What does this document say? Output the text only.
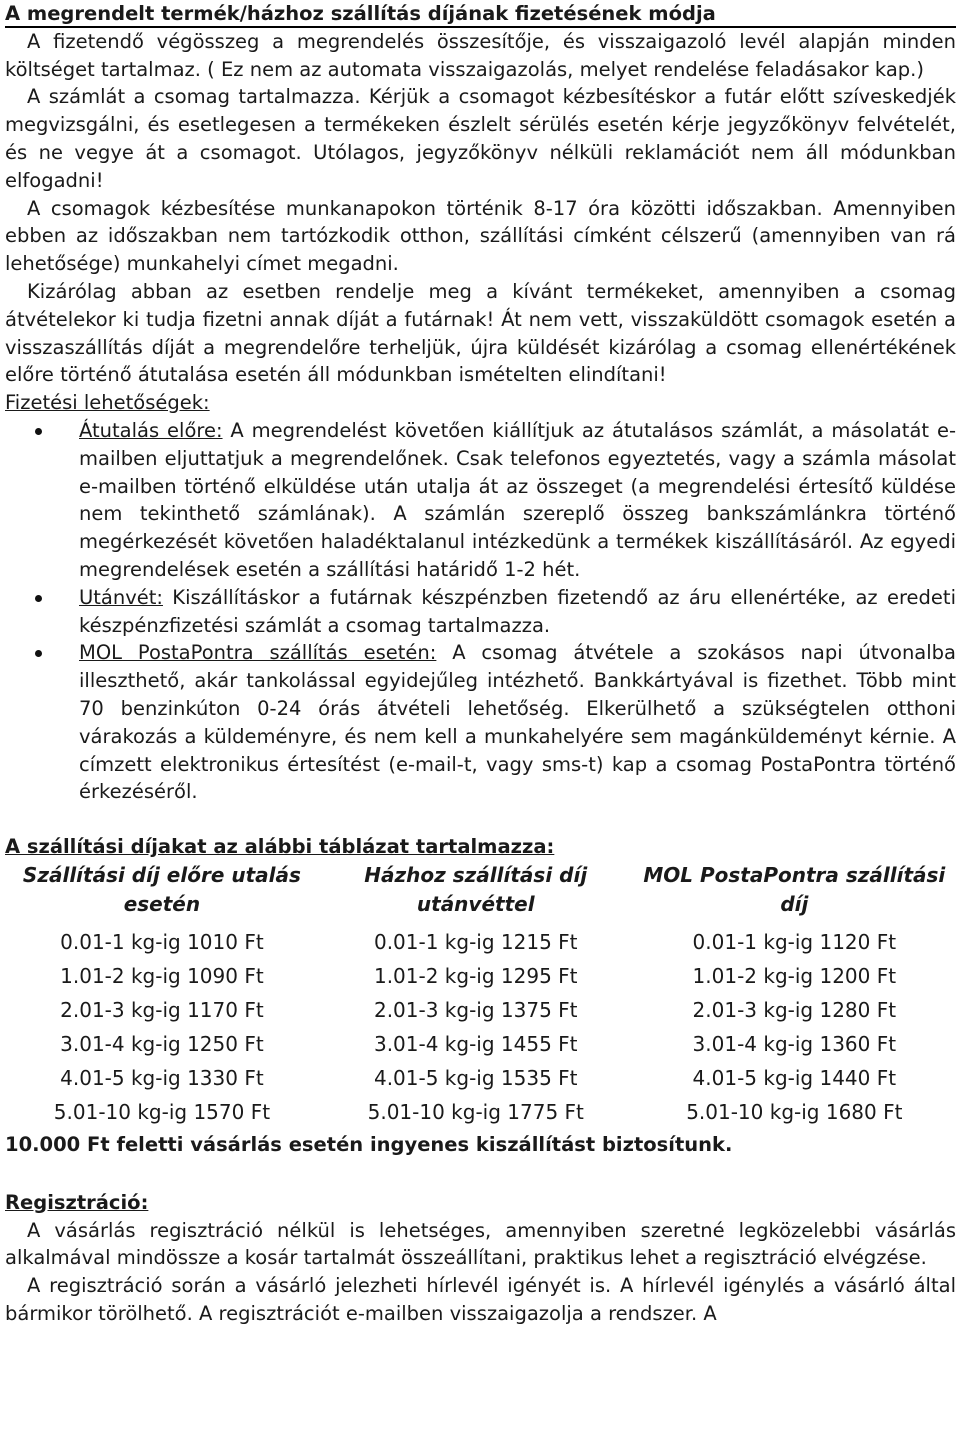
A megrendelt termék/házhoz szállítás díjának fizetésének módja

A fizetendő végösszeg a megrendelés összesítője, és visszaigazoló levél alapján minden költséget tartalmaz. ( Ez nem az automata visszaigazolás, melyet rendelése feladásakor kap.)

A számlát a csomag tartalmazza. Kérjük a csomagot kézbesítéskor a futár előtt szíveskedjék megvizsgálni, és esetlegesen a termékeken észlelt sérülés esetén kérje jegyzőkönyv felvételét, és ne vegye át a csomagot. Utólagos, jegyzőkönyv nélküli reklamációt nem áll módunkban elfogadni!

A csomagok kézbesítése munkanapokon történik 8-17 óra közötti időszakban. Amennyiben ebben az időszakban nem tartózkodik otthon, szállítási címként célszerű (amennyiben van rá lehetősége) munkahelyi címet megadni.

Kizárólag abban az esetben rendelje meg a kívánt termékeket, amennyiben a csomag átvételekor ki tudja fizetni annak díját a futárnak! Át nem vett, visszaküldött csomagok esetén a visszaszállítás díját a megrendelőre terheljük, újra küldését kizárólag a csomag ellenértékének előre történő átutalása esetén áll módunkban ismételten elindítani!

Fizetési lehetőségek:
Átutalás előre: A megrendelést követően kiállítjuk az átutalásos számlát, a másolatát e-mailben eljuttatjuk a megrendelőnek. Csak telefonos egyeztetés, vagy a számla másolat e-mailben történő elküldése után utalja át az összeget (a megrendelési értesítő küldése nem tekinthető számlának). A számlán szereplő összeg bankszámlánkra történő megérkezését követően haladéktalanul intézkedünk a termékek kiszállításáról. Az egyedi megrendelések esetén a szállítási határidő 1-2 hét.
Utánvét: Kiszállításkor a futárnak készpénzben fizetendő az áru ellenértéke, az eredeti készpénzfizetési számlát a csomag tartalmazza.
MOL PostaPontra szállítás esetén: A csomag átvétele a szokásos napi útvonalba illeszthető, akár tankolással egyidejűleg intézhető. Bankkártyával is fizethet. Több mint 70 benzinkúton 0-24 órás átvételi lehetőség. Elkerülhető a szükségtelen otthoni várakozás a küldeményre, és nem kell a munkahelyére sem magánküldeményt kérnie. A címzett elektronikus értesítést (e-mail-t, vagy sms-t) kap a csomag PostaPontra történő érkezéséről.
A szállítási díjakat az alábbi táblázat tartalmazza:
Szállítási díj előre utalás esetén	Házhoz szállítási díj utánvéttel	MOL PostaPontra szállítási díj
0.01-1 kg-ig 1010 Ft	0.01-1 kg-ig 1215 Ft	0.01-1 kg-ig 1120 Ft
1.01-2 kg-ig 1090 Ft	1.01-2 kg-ig 1295 Ft	1.01-2 kg-ig 1200 Ft
2.01-3 kg-ig 1170 Ft	2.01-3 kg-ig 1375 Ft	2.01-3 kg-ig 1280 Ft
3.01-4 kg-ig 1250 Ft	3.01-4 kg-ig 1455 Ft	3.01-4 kg-ig 1360 Ft
4.01-5 kg-ig 1330 Ft	4.01-5 kg-ig 1535 Ft	4.01-5 kg-ig 1440 Ft
5.01-10 kg-ig 1570 Ft	5.01-10 kg-ig 1775 Ft	5.01-10 kg-ig 1680 Ft
10.000 Ft feletti vásárlás esetén ingyenes kiszállítást biztosítunk.
Regisztráció:

A vásárlás regisztráció nélkül is lehetséges, amennyiben szeretné legközelebbi vásárlás alkalmával mindössze a kosár tartalmát összeállítani, praktikus lehet a regisztráció elvégzése.

A regisztráció során a vásárló jelezheti hírlevél igényét is. A hírlevél igénylés a vásárló által bármikor törölhető. A regisztrációt e-mailben visszaigazolja a rendszer. A
